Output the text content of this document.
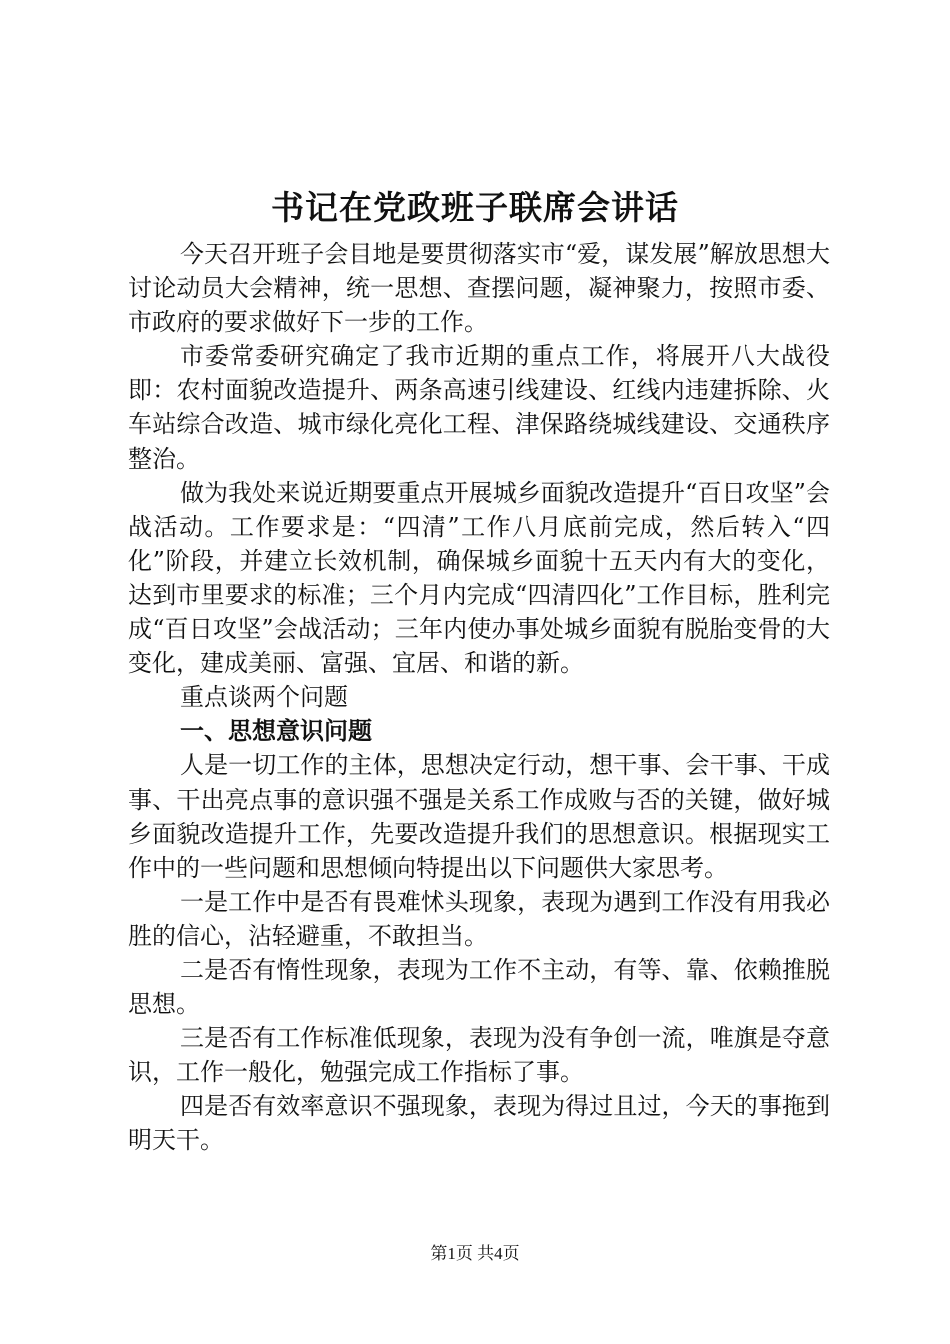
书记在党政班子联席会讲话

今天召开班子会目地是要贯彻落实市“爱，谋发展”解放思想大讨论动员大会精神，统一思想、查摆问题，凝神聚力，按照市委、市政府的要求做好下一步的工作。

市委常委研究确定了我市近期的重点工作，将展开八大战役即：农村面貌改造提升、两条高速引线建设、红线内违建拆除、火车站综合改造、城市绿化亮化工程、津保路绕城线建设、交通秩序整治。

做为我处来说近期要重点开展城乡面貌改造提升“百日攻坚”会战活动。工作要求是：“四清”工作八月底前完成，然后转入“四化”阶段，并建立长效机制，确保城乡面貌十五天内有大的变化，达到市里要求的标准；三个月内完成“四清四化”工作目标，胜利完成“百日攻坚”会战活动；三年内使办事处城乡面貌有脱胎变骨的大变化，建成美丽、富强、宜居、和谐的新。

重点谈两个问题

一、思想意识问题

人是一切工作的主体，思想决定行动，想干事、会干事、干成事、干出亮点事的意识强不强是关系工作成败与否的关键，做好城乡面貌改造提升工作，先要改造提升我们的思想意识。根据现实工作中的一些问题和思想倾向特提出以下问题供大家思考。

一是工作中是否有畏难怵头现象，表现为遇到工作没有用我必胜的信心，沾轻避重，不敢担当。

二是否有惰性现象，表现为工作不主动，有等、靠、依赖推脱思想。

三是否有工作标准低现象，表现为没有争创一流，唯旗是夺意识，工作一般化，勉强完成工作指标了事。

四是否有效率意识不强现象，表现为得过且过，今天的事拖到明天干。

第1页 共4页
